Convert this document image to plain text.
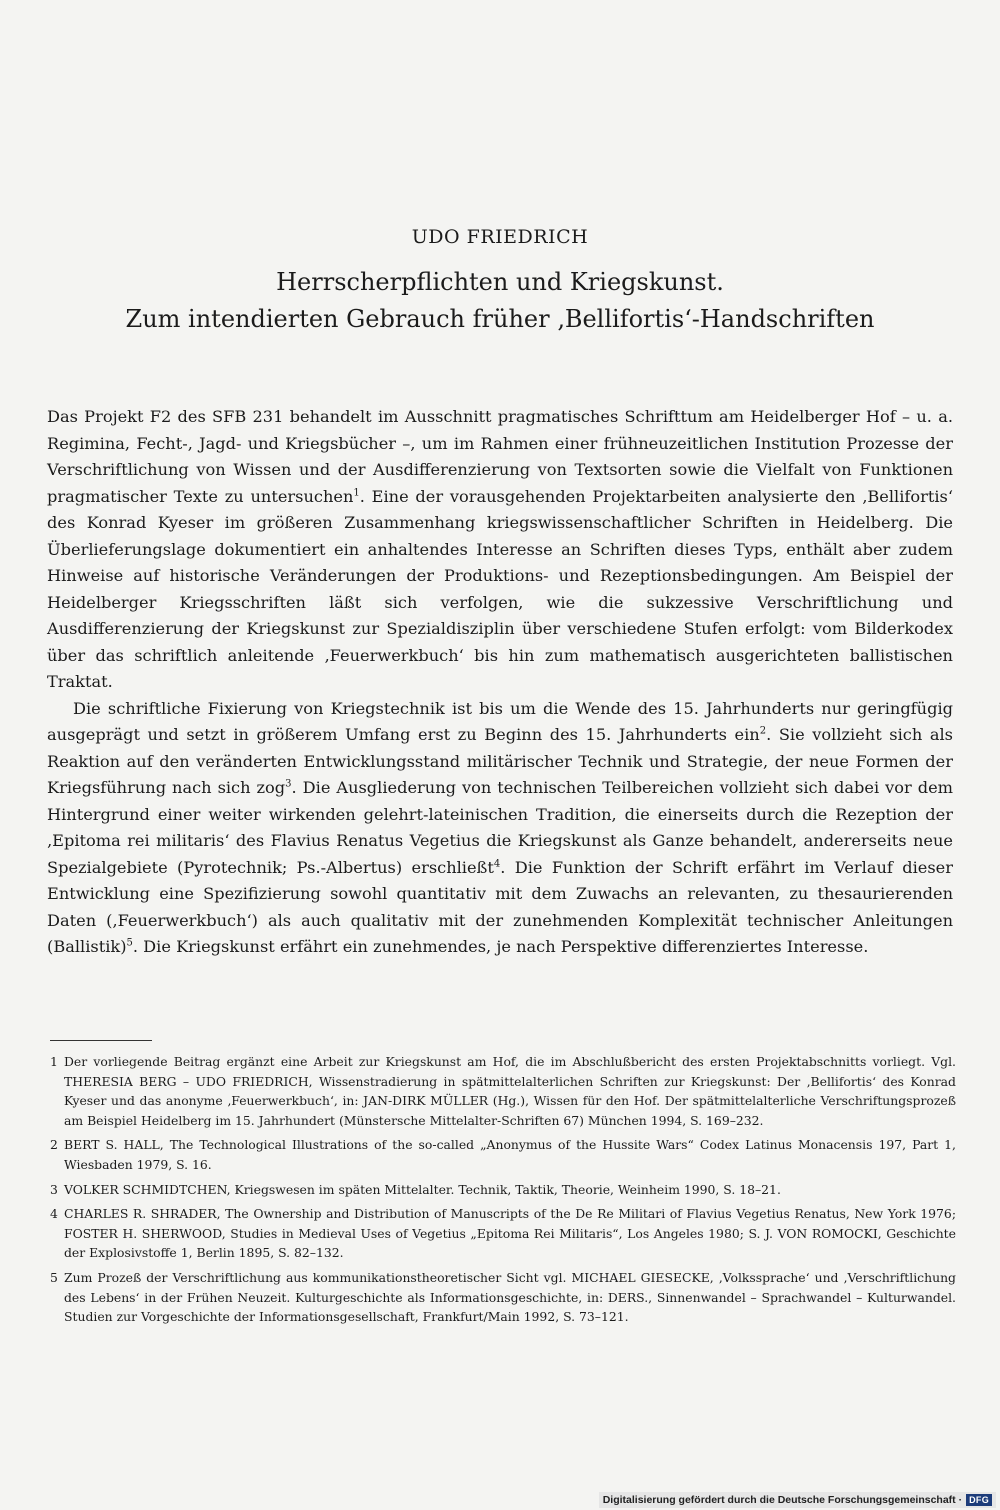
UDO FRIEDRICH
Herrscherpflichten und Kriegskunst.
Zum intendierten Gebrauch früher ‚Bellifortis‘-Handschriften

Das Projekt F2 des SFB 231 behandelt im Ausschnitt pragmatisches Schrifttum am Heidelberger Hof – u. a. Regimina, Fecht-, Jagd- und Kriegsbücher –, um im Rahmen einer frühneuzeitlichen Institution Prozesse der Verschriftlichung von Wissen und der Ausdifferenzierung von Textsorten sowie die Vielfalt von Funktionen pragmatischer Texte zu untersuchen$^1$. Eine der vorausgehenden Projektarbeiten analysierte den ‚Bellifortis‘ des Konrad Kyeser im größeren Zusammenhang kriegswissenschaftlicher Schriften in Heidelberg. Die Überlieferungslage dokumentiert ein anhaltendes Interesse an Schriften dieses Typs, enthält aber zudem Hinweise auf historische Veränderungen der Produktions- und Rezeptionsbedingungen. Am Beispiel der Heidelberger Kriegsschriften läßt sich verfolgen, wie die sukzessive Verschriftlichung und Ausdifferenzierung der Kriegskunst zur Spezialdisziplin über verschiedene Stufen erfolgt: vom Bilderkodex über das schriftlich anleitende ‚Feuerwerkbuch‘ bis hin zum mathematisch ausgerichteten ballistischen Traktat.

Die schriftliche Fixierung von Kriegstechnik ist bis um die Wende des 15. Jahrhunderts nur geringfügig ausgeprägt und setzt in größerem Umfang erst zu Beginn des 15. Jahrhunderts ein$^2$. Sie vollzieht sich als Reaktion auf den veränderten Entwicklungsstand militärischer Technik und Strategie, der neue Formen der Kriegsführung nach sich zog$^3$. Die Ausgliederung von technischen Teilbereichen vollzieht sich dabei vor dem Hintergrund einer weiter wirkenden gelehrt-lateinischen Tradition, die einerseits durch die Rezeption der ‚Epitoma rei militaris‘ des Flavius Renatus Vegetius die Kriegskunst als Ganze behandelt, andererseits neue Spezialgebiete (Pyrotechnik; Ps.-Albertus) erschließt$^4$. Die Funktion der Schrift erfährt im Verlauf dieser Entwicklung eine Spezifizierung sowohl quantitativ mit dem Zuwachs an relevanten, zu thesaurierenden Daten (‚Feuerwerkbuch‘) als auch qualitativ mit der zunehmenden Komplexität technischer Anleitungen (Ballistik)$^5$. Die Kriegskunst erfährt ein zunehmendes, je nach Perspektive differenziertes Interesse.

1 Der vorliegende Beitrag ergänzt eine Arbeit zur Kriegskunst am Hof, die im Abschlußbericht des ersten Projektabschnitts vorliegt. Vgl. THERESIA BERG – UDO FRIEDRICH, Wissenstradierung in spätmittelalterlichen Schriften zur Kriegskunst: Der ‚Bellifortis‘ des Konrad Kyeser und das anonyme ‚Feuerwerkbuch‘, in: JAN-DIRK MÜLLER (Hg.), Wissen für den Hof. Der spätmittelalterliche Verschriftungsprozeß am Beispiel Heidelberg im 15. Jahrhundert (Münstersche Mittelalter-Schriften 67) München 1994, S. 169–232.
2 BERT S. HALL, The Technological Illustrations of the so-called „Anonymus of the Hussite Wars“ Codex Latinus Monacensis 197, Part 1, Wiesbaden 1979, S. 16.
3 VOLKER SCHMIDTCHEN, Kriegswesen im späten Mittelalter. Technik, Taktik, Theorie, Weinheim 1990, S. 18–21.
4 CHARLES R. SHRADER, The Ownership and Distribution of Manuscripts of the De Re Militari of Flavius Vegetius Renatus, New York 1976; FOSTER H. SHERWOOD, Studies in Medieval Uses of Vegetius „Epitoma Rei Militaris“, Los Angeles 1980; S. J. VON ROMOCKI, Geschichte der Explosivstoffe 1, Berlin 1895, S. 82–132.
5 Zum Prozeß der Verschriftlichung aus kommunikationstheoretischer Sicht vgl. MICHAEL GIESECKE, ‚Volkssprache‘ und ‚Verschriftlichung des Lebens‘ in der Frühen Neuzeit. Kulturgeschichte als Informationsgeschichte, in: DERS., Sinnenwandel – Sprachwandel – Kulturwandel. Studien zur Vorgeschichte der Informationsgesellschaft, Frankfurt/Main 1992, S. 73–121.
Digitalisierung gefördert durch die Deutsche Forschungsgemeinschaft · DFG
